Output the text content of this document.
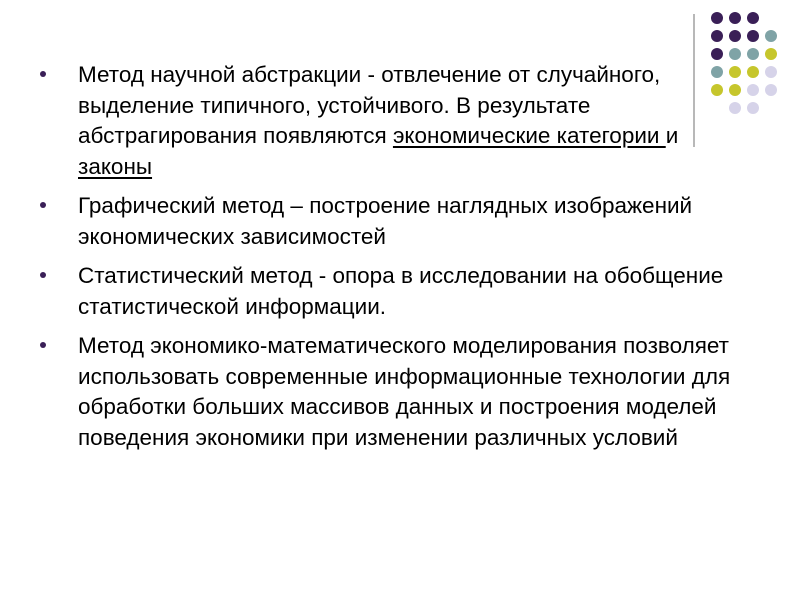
Метод научной абстракции - отвлечение от случайного, выделение типичного, устойчивого. В результате абстрагирования появляются экономические категории и законы
Графический метод – построение наглядных изображений экономических зависимостей
Статистический метод - опора в исследовании на обобщение статистической информации.
Метод экономико-математического моделирования позволяет использовать современные информационные технологии для обработки больших массивов данных и построения моделей поведения экономики при изменении различных условий
